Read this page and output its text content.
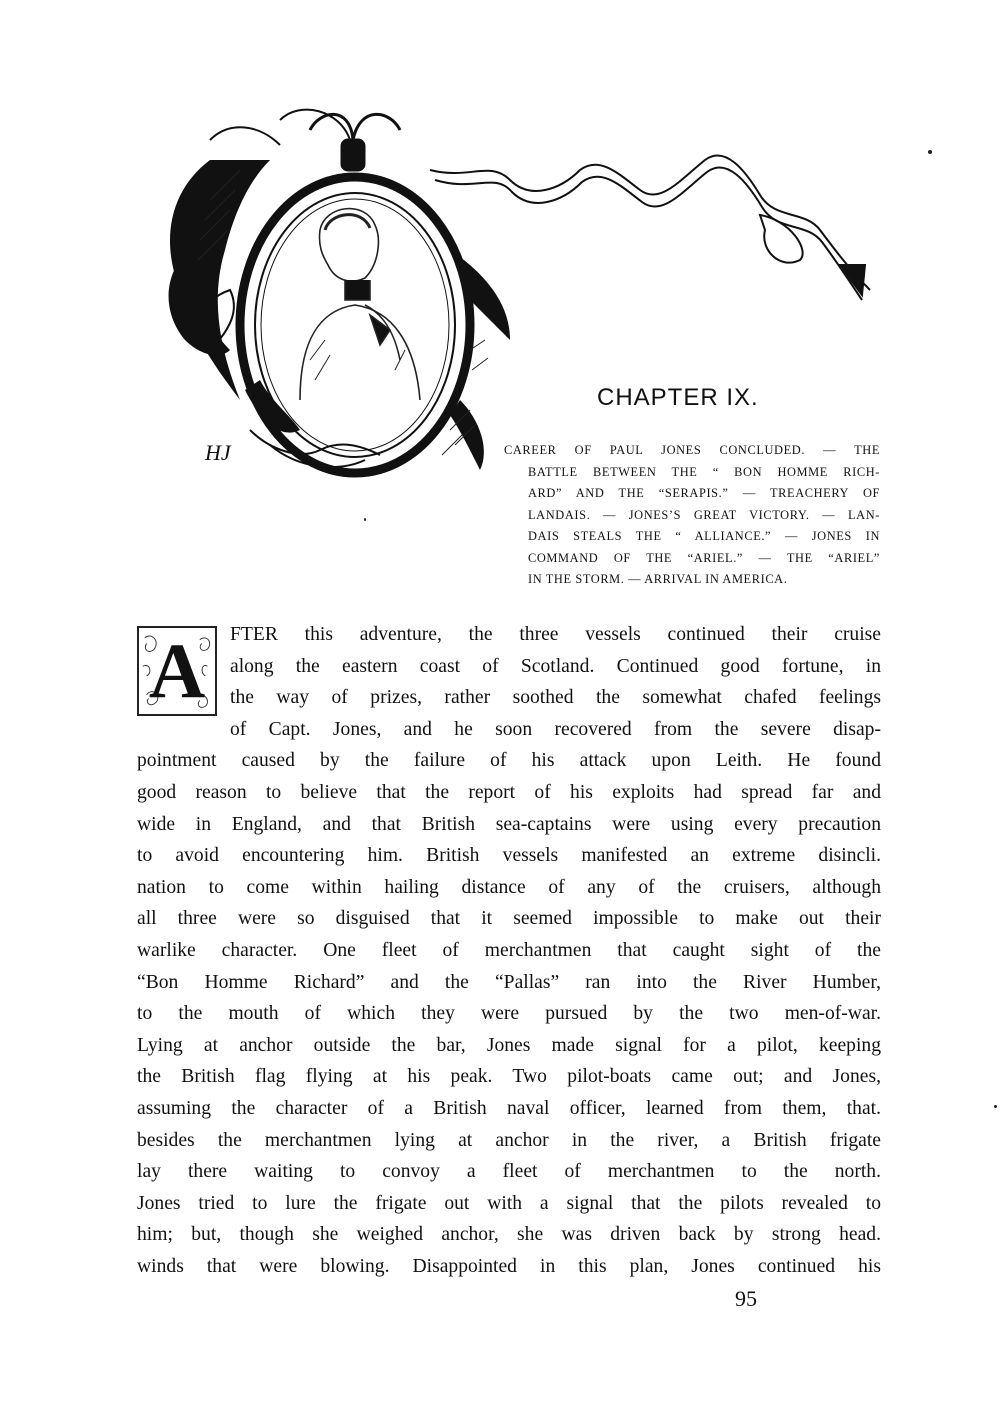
HJ
CHAPTER IX.
CAREER OF PAUL JONES CONCLUDED. — THE
BATTLE BETWEEN THE “ BON HOMME RICH-
ARD” AND THE “SERAPIS.” — TREACHERY OF
LANDAIS. — JONES’S GREAT VICTORY. — LAN-
DAIS STEALS THE “ ALLIANCE.” — JONES IN
COMMAND OF THE “ARIEL.” — THE “ARIEL”
IN THE STORM. — ARRIVAL IN AMERICA.
A	FTER this adventure, the three vessels continued their cruise
along the eastern coast of Scotland. Continued good fortune, in
the way of prizes, rather soothed the somewhat chafed feelings
of Capt. Jones, and he soon recovered from the severe disap-
pointment caused by the failure of his attack upon Leith. He found
good reason to believe that the report of his exploits had spread far and
wide in England, and that British sea-captains were using every precaution
to avoid encountering him. British vessels manifested an extreme disincli.
nation to come within hailing distance of any of the cruisers, although
all three were so disguised that it seemed impossible to make out their
warlike character. One fleet of merchantmen that caught sight of the
“Bon Homme Richard” and the “Pallas” ran into the River Humber,
to the mouth of which they were pursued by the two men-of-war.
Lying at anchor outside the bar, Jones made signal for a pilot, keeping
the British flag flying at his peak. Two pilot-boats came out; and Jones,
assuming the character of a British naval officer, learned from them, that.
besides the merchantmen lying at anchor in the river, a British frigate
lay there waiting to convoy a fleet of merchantmen to the north.
Jones tried to lure the frigate out with a signal that the pilots revealed to
him; but, though she weighed anchor, she was driven back by strong head.
winds that were blowing. Disappointed in this plan, Jones continued his
95
